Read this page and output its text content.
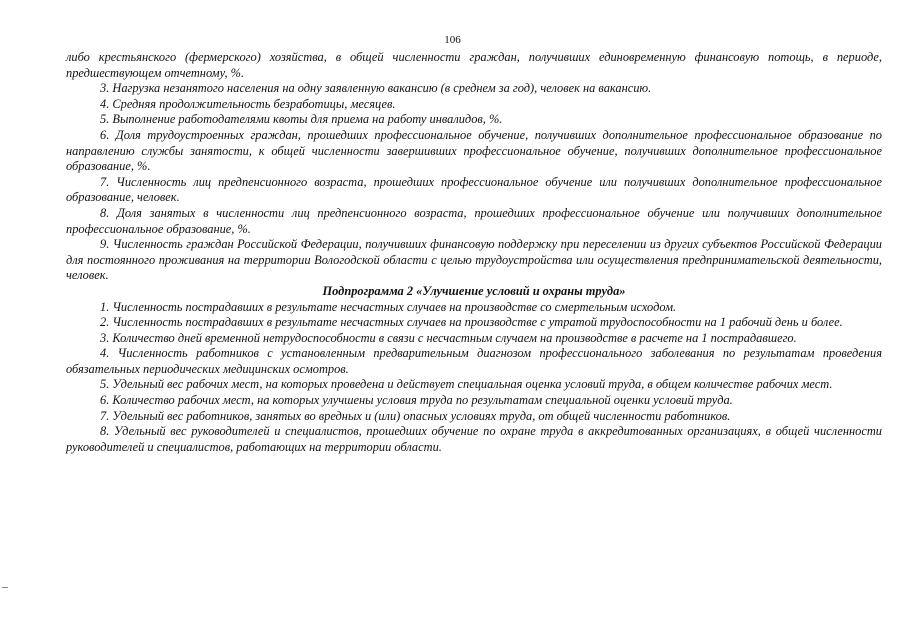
106

либо крестьянского (фермерского) хозяйства, в общей численности граждан, получивших единовременную финансовую поmощь, в периоде, предшествующем отчетному, %.

3. Нагрузка незанятого населения на одну заявленную вакансию (в среднем за год), человек на вакансию.

4. Средняя продолжительность безработицы, месяцев.

5. Выполнение работодателями квоты для приема на работу инвалидов, %.

6. Доля трудоустроенных граждан, прошедших профессиональное обучение, получивших дополнительное профессиональное образование по направлению службы занятости, к общей численности завершивших профессиональное обучение, получивших дополнительное профессиональное образование, %.

7. Численность лиц предпенсионного возраста, прошедших профессиональное обучение или получивших дополнительное профессиональное образование, человек.

8. Доля занятых в численности лиц предпенсионного возраста, прошедших профессиональное обучение или получивших дополнительное профессиональное образование, %.

9. Численность граждан Российской Федерации, получивших финансовую поддержку при переселении из других субъектов Российской Федерации для постоянного проживания на территории Вологодской области с целью трудоустройства или осуществления предпринимательской деятельности, человек.

Подпрограмма 2 «Улучшение условий и охраны труда»

1. Численность пострадавших в результате несчастных случаев на производстве со смертельным исходом.

2. Численность пострадавших в результате несчастных случаев на производстве с утратой трудоспособности на 1 рабочий день и более.

3. Количество дней временной нетрудоспособности в связи с несчастным случаем на производстве в расчете на 1 пострадавшего.

4. Численность работников с установленным предварительным диагнозом профессионального заболевания по результатам проведения обязательных периодических медицинских осмотров.

5. Удельный вес рабочих мест, на которых проведена и действует специальная оценка условий труда, в общем количестве рабочих мест.

6. Количество рабочих мест, на которых улучшены условия труда по результатам специальной оценки условий труда.

7. Удельный вес работников, занятых во вредных и (или) опасных условиях труда, от общей численности работников.

8. Удельный вес руководителей и специалистов, прошедших обучение по охране труда в аккредитованных организациях, в общей численности руководителей и специалистов, работающих на территории области.
